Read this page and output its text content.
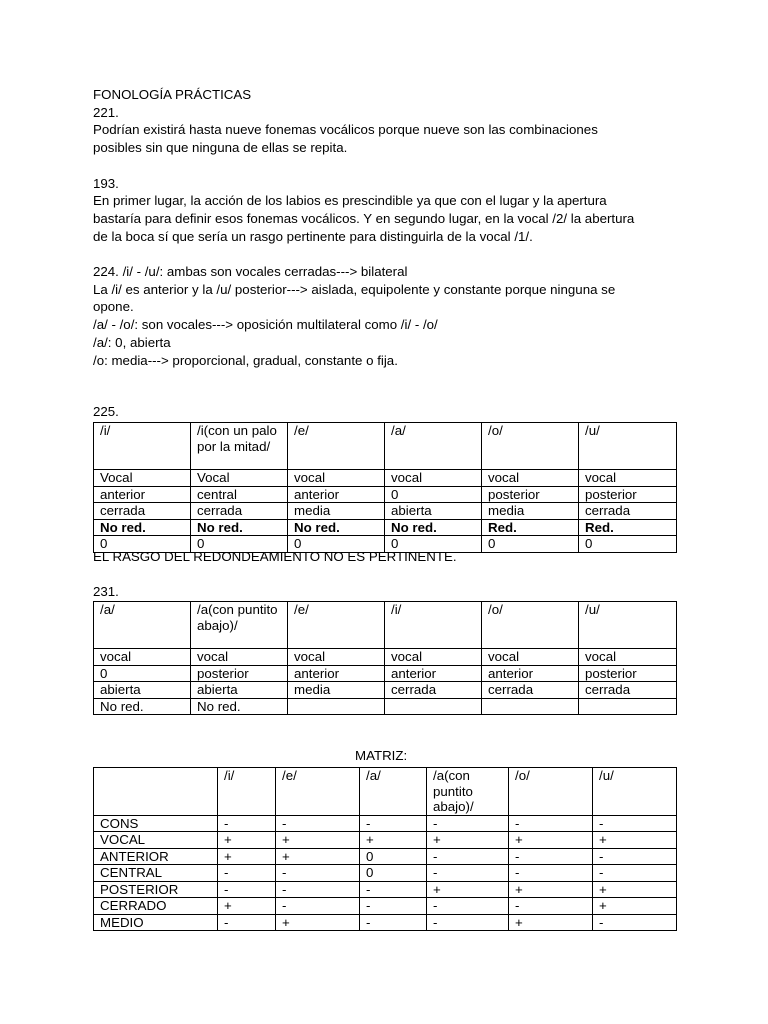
FONOLOGÍA PRÁCTICAS

221.

Podrían existirá hasta nueve fonemas vocálicos porque nueve son las combinaciones

posibles sin que ninguna de ellas se repita.

193.

En primer lugar, la acción de los labios es prescindible ya que con el lugar y la apertura

bastaría para definir esos fonemas vocálicos. Y en segundo lugar, en la vocal /2/ la abertura

de la boca sí que sería un rasgo pertinente para distinguirla de la vocal /1/.

224. /i/ - /u/: ambas son vocales cerradas---> bilateral

La /i/ es anterior y la /u/ posterior---> aislada, equipolente y constante porque ninguna se

opone.

/a/ - /o/: son vocales---> oposición multilateral como /i/ - /o/

/a/: 0, abierta

/o: media---> proporcional, gradual, constante o fija.

225.
/i/	/i(con un palo por la mitad/	/e/	/a/	/o/	/u/
Vocal	Vocal	vocal	vocal	vocal	vocal
anterior	central	anterior	0	posterior	posterior
cerrada	cerrada	media	abierta	media	cerrada
No red.	No red.	No red.	No red.	Red.	Red.
0	0	0	0	0	0
EL RASGO DEL REDONDEAMIENTO NO ES PERTINENTE.
231.
/a/	/a(con puntito abajo)/	/e/	/i/	/o/	/u/
vocal	vocal	vocal	vocal	vocal	vocal
0	posterior	anterior	anterior	anterior	posterior
abierta	abierta	media	cerrada	cerrada	cerrada
No red.	No red.				
MATRIZ:
	/i/	/e/	/a/	/a(con puntito abajo)/	/o/	/u/
CONS	-	-	-	-	-	-
VOCAL	+	+	+	+	+	+
ANTERIOR	+	+	0	-	-	-
CENTRAL	-	-	0	-	-	-
POSTERIOR	-	-	-	+	+	+
CERRADO	+	-	-	-	-	+
MEDIO	-	+	-	-	+	-
